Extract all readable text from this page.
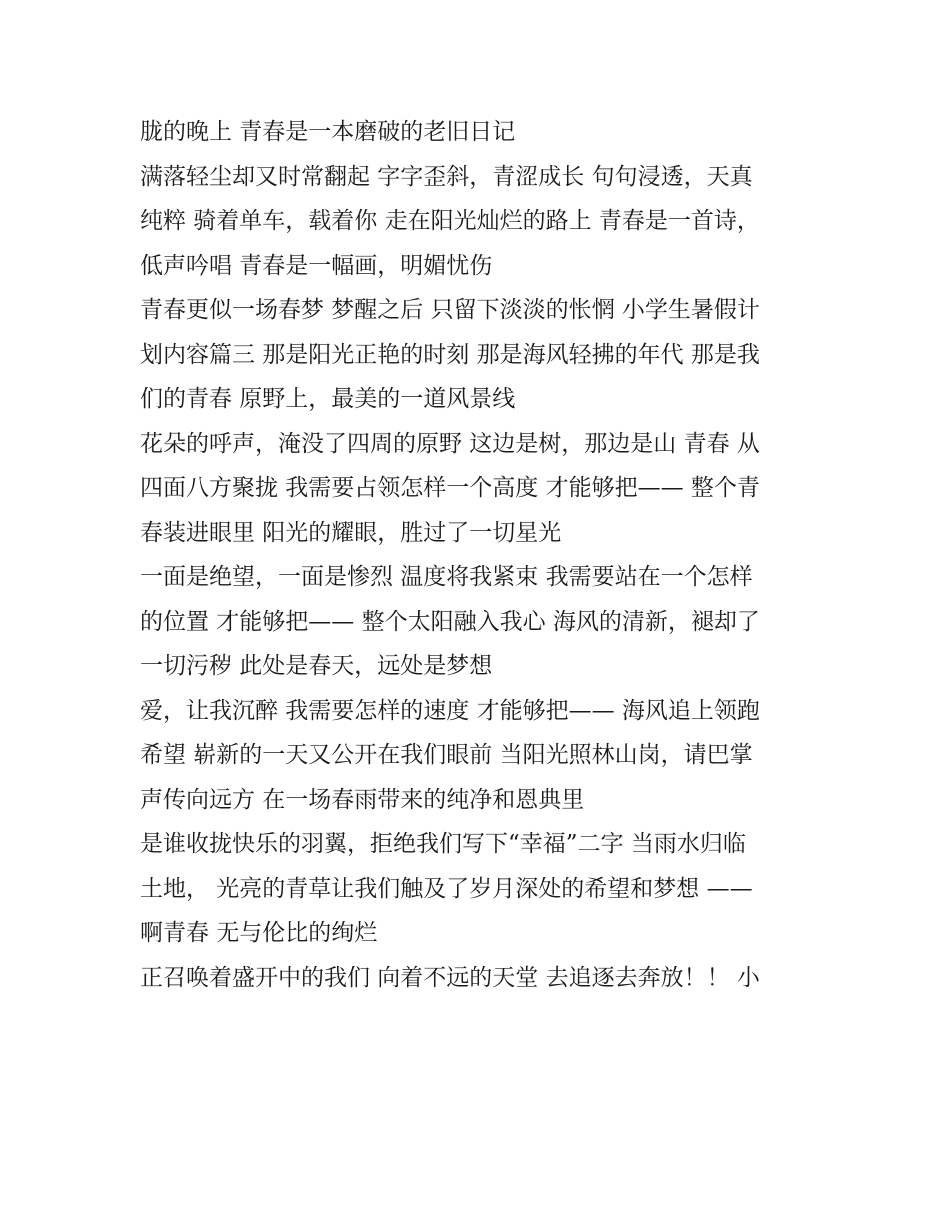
胧的晚上 青春是一本磨破的老旧日记
满落轻尘却又时常翻起 字字歪斜，青涩成长 句句浸透，天真
纯粹 骑着单车，载着你 走在阳光灿烂的路上 青春是一首诗，
低声吟唱 青春是一幅画，明媚忧伤
青春更似一场春梦 梦醒之后 只留下淡淡的怅惘 小学生暑假计
划内容篇三 那是阳光正艳的时刻 那是海风轻拂的年代 那是我
们的青春 原野上，最美的一道风景线
花朵的呼声，淹没了四周的原野 这边是树，那边是山 青春 从
四面八方聚拢 我需要占领怎样一个高度 才能够把—— 整个青
春装进眼里 阳光的耀眼，胜过了一切星光
一面是绝望，一面是惨烈 温度将我紧束 我需要站在一个怎样
的位置 才能够把—— 整个太阳融入我心 海风的清新，褪却了
一切污秽 此处是春天，远处是梦想
爱，让我沉醉 我需要怎样的速度 才能够把—— 海风追上领跑
希望 崭新的一天又公开在我们眼前 当阳光照林山岗，请巴掌
声传向远方 在一场春雨带来的纯净和恩典里
是谁收拢快乐的羽翼，拒绝我们写下“幸福”二字 当雨水归临
土地， 光亮的青草让我们触及了岁月深处的希望和梦想 ——
啊青春 无与伦比的绚烂
正召唤着盛开中的我们 向着不远的天堂 去追逐去奔放！！ 小
